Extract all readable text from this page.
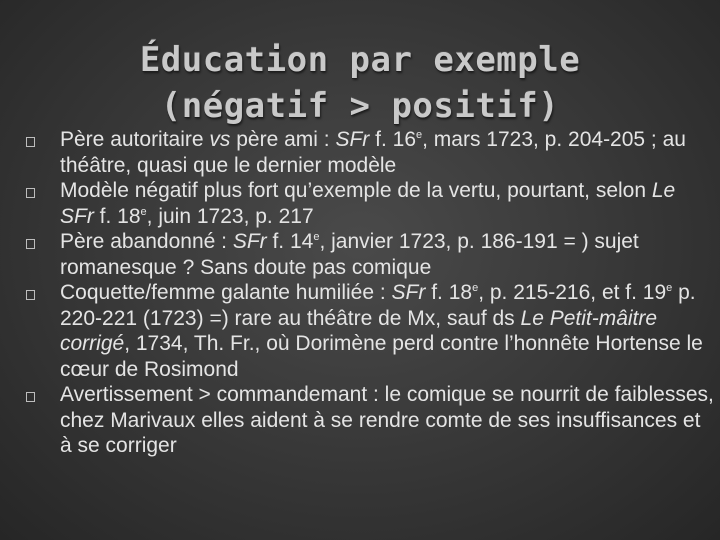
Éducation par exemple
(négatif > positif)
Père autoritaire vs père ami : SFr f. 16e, mars 1723, p. 204-205 ; au théâtre, quasi que le dernier modèle
Modèle négatif plus fort qu’exemple de la vertu, pourtant, selon Le SFr f. 18e, juin 1723, p. 217
Père abandonné : SFr f. 14e, janvier 1723, p. 186-191 = ) sujet romanesque ? Sans doute pas comique
Coquette/femme galante humiliée : SFr f. 18e, p. 215-216, et f. 19e p. 220-221 (1723) =) rare au théâtre de Mx, sauf ds Le Petit-mâitre corrigé, 1734, Th. Fr., où Dorimène perd contre l’honnête Hortense le cœur de Rosimond
Avertissement > commandemant : le comique se nourrit de faiblesses, chez Marivaux elles aident à se rendre comte de ses insuffisances et à se corriger
